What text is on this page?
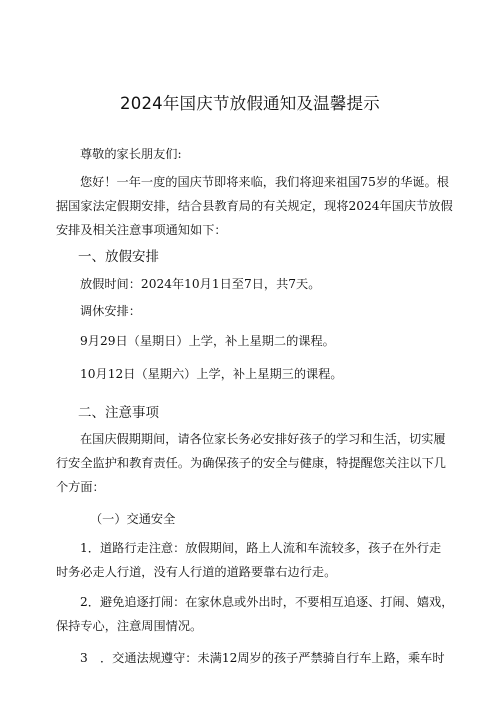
2024年国庆节放假通知及温馨提示
尊敬的家长朋友们:
您好！一年一度的国庆节即将来临，我们将迎来祖国75岁的华诞。根
据国家法定假期安排，结合县教育局的有关规定，现将2024年国庆节放假
安排及相关注意事项通知如下：
一、放假安排
放假时间：2024年10月1日至7日，共7天。
调休安排：
9月29日（星期日）上学，补上星期二的课程。
10月12日（星期六）上学，补上星期三的课程。
二、注意事项
在国庆假期期间，请各位家长务必安排好孩子的学习和生活，切实履
行安全监护和教育责任。为确保孩子的安全与健康，特提醒您关注以下几
个方面：
（一）交通安全
1．道路行走注意：放假期间，路上人流和车流较多，孩子在外行走
时务必走人行道，没有人行道的道路要靠右边行走。
2．避免追逐打闹：在家休息或外出时，不要相互追逐、打闹、嬉戏，
保持专心，注意周围情况。
3　．交通法规遵守：未满12周岁的孩子严禁骑自行车上路，乘车时
